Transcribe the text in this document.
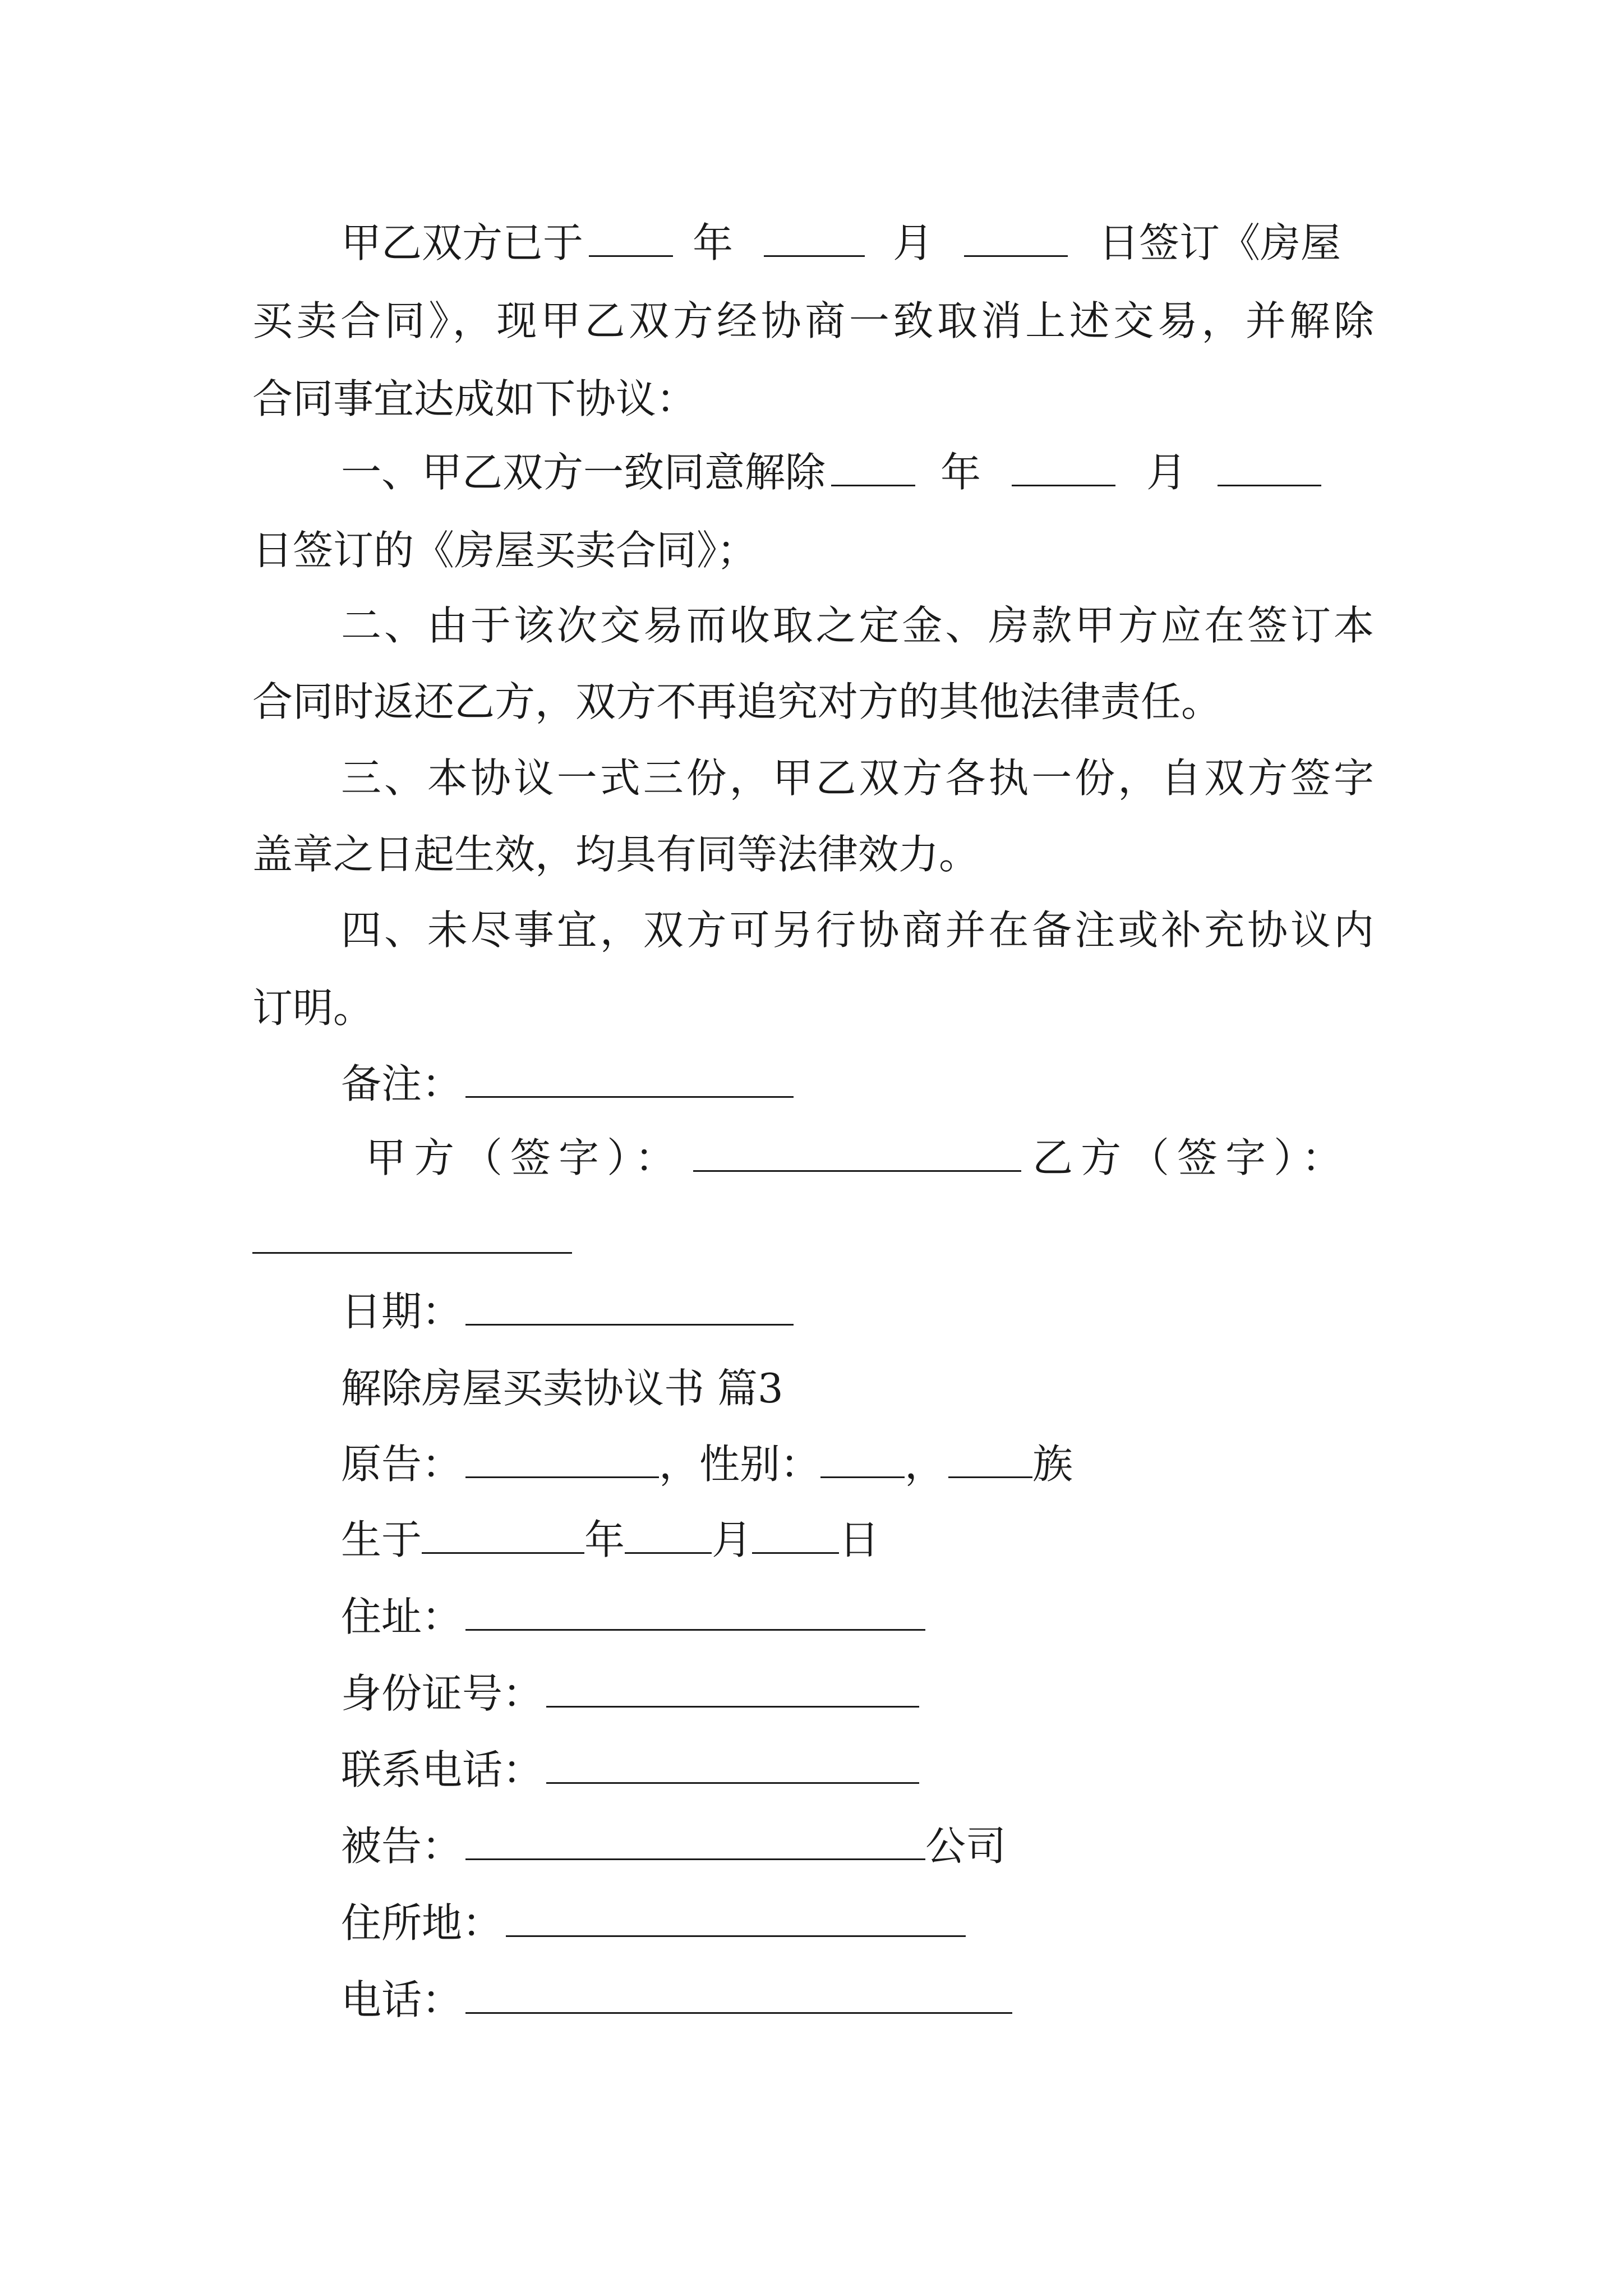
甲乙双方已于	年	月	日签订《房屋
买卖合同》，现甲乙双方经协商一致取消上述交易，并解除
合同事宜达成如下协议：
一、甲乙双方一致同意解除	年	月
日签订的《房屋买卖合同》；
二、由于该次交易而收取之定金、房款甲方应在签订本
合同时返还乙方，双方不再追究对方的其他法律责任。
三、本协议一式三份，甲乙双方各执一份，自双方签字
盖章之日起生效，均具有同等法律效力。
四、未尽事宜，双方可另行协商并在备注或补充协议内
订明。
备注：
甲方（签字）：	乙方（签字）：
日期：
解除房屋买卖协议书 篇3
原告：	，性别： ， 族
生于	年 月 日
住址：
身份证号：
联系电话：
被告：	公司
住所地：
电话：
